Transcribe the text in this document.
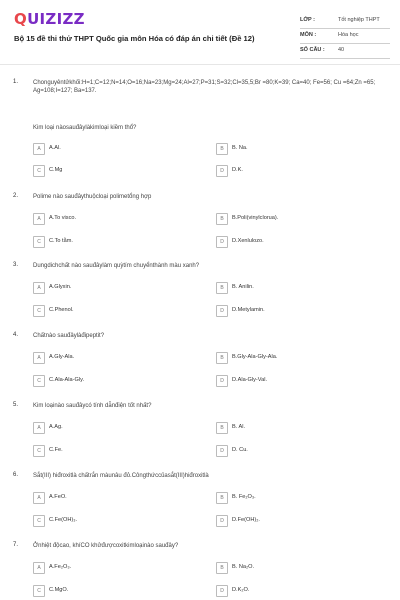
QUIZIZZ
Bộ 15 đề thi thử THPT Quốc gia môn Hóa có đáp án chi tiết (Đề 12)
LỚP :	Tốt nghiệp THPT
MÔN :	Hóa học
SỐ CÂU : 40
1. Chonguyêntửkhối:H=1;C=12;N=14;O=16;Na=23;Mg=24;Al=27;P=31;S=32;Cl=35,5;Br =80;K=39; Ca=40; Fe=56; Cu =64;Zn =65; Ag=108;I=127; Ba=137.
Kim loại nàosauđâylàkimloại kiềm thổ?
A	A.Al.	B	B. Na.
C	C.Mg	D	D.K.
2. Polime nào sauđâythuộcloại polimetổng hợp
A	A.To visco.	B	B.Poli(vinylclorua).
C	C.To tằm.	D	D.Xenlulozo.
3. Dungdichchất nào sauđâylàm quỳtím chuyểnthành màu xanh?
A	A.Glyxin.	B	B. Anilin.
C	C.Phenol.	D	D.Metylamin.
4. Chấtnào sauđâylàđipeptit?
A	A.Gly-Ala.	B	B.Gly-Ala-Gly-Ala.
C	C.Ala-Ala-Gly.	D	D.Ala-Gly-Val.
5. Kim loạinào sauđâycó tính dẫnđiện tốt nhất?
A	A.Ag.	B	B. Al.
C	C.Fe.	D	D. Cu.
6. Sắt(III) hiđroxitlà chấtrắn màunâu đỏ.Côngthứccủasắt(III)hiđroxitlà
A	A.FeO.	B	B. Fe₂O₃.
C	C.Fe(OH)₃.	D	D.Fe(OH)₂.
7. Ởnhiệt độcao, khíCO khửđượcoxitkimloạinào sauđây?
A	A.Fe₂O₃.	B	B. Na₂O.
C	C.MgO.	D	D.K₂O.
